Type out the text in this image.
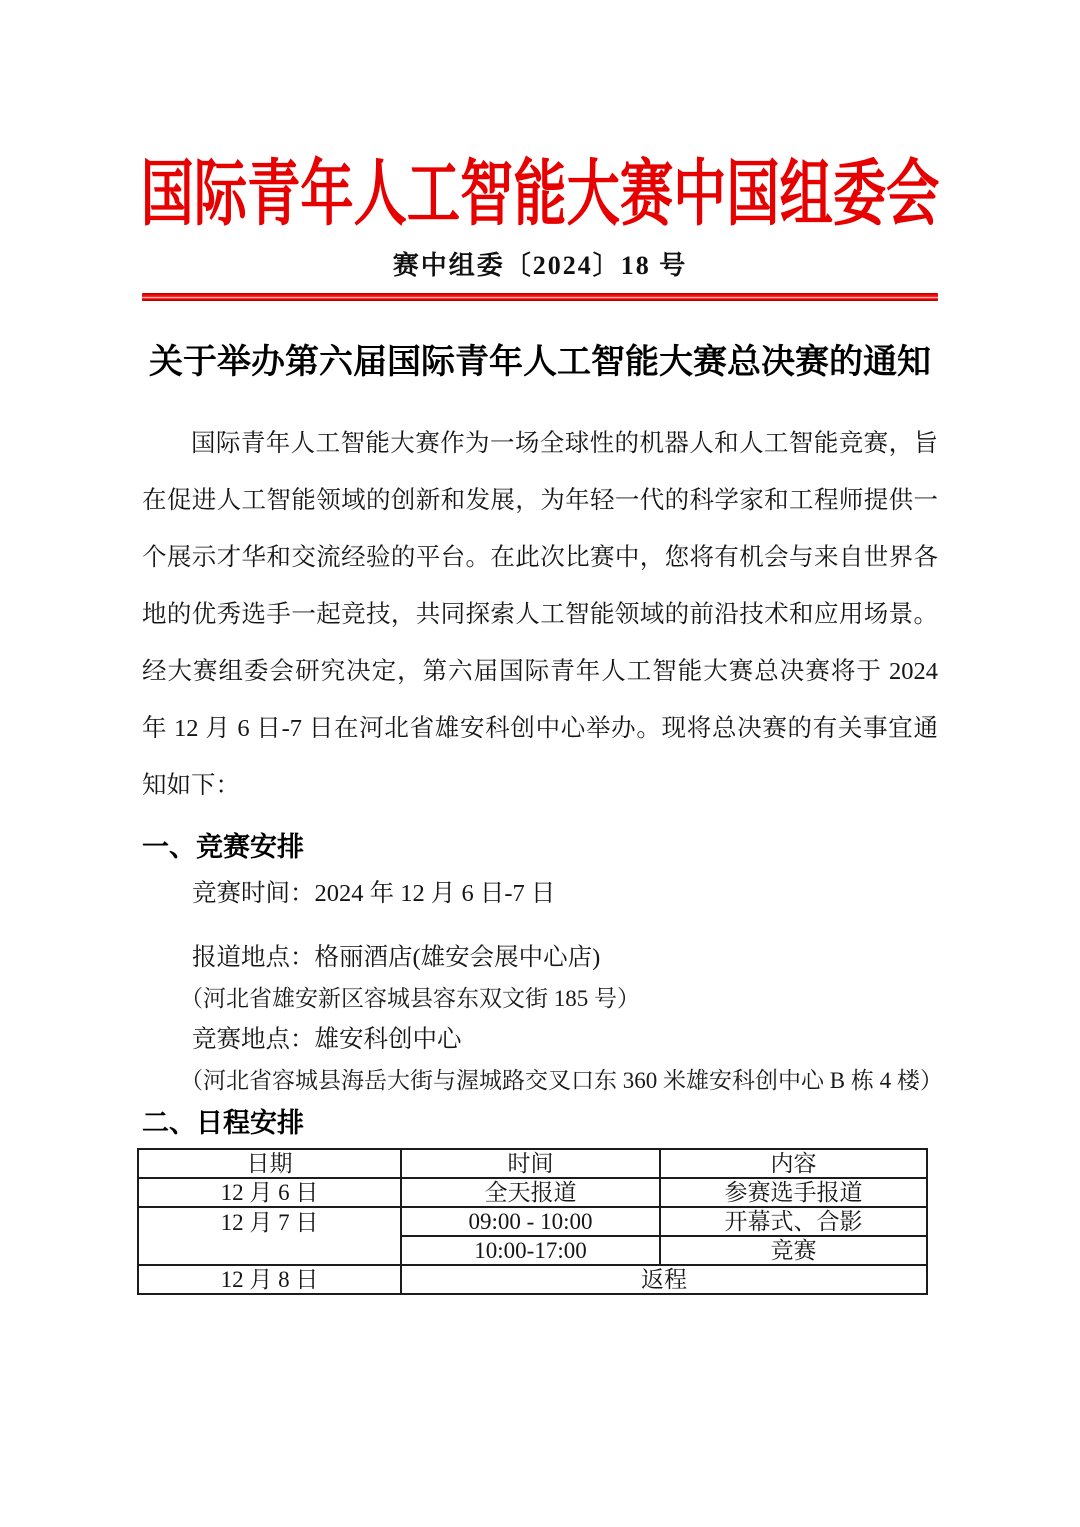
国际青年人工智能大赛中国组委会
赛中组委〔2024〕18 号
关于举办第六届国际青年人工智能大赛总决赛的通知

国际青年人工智能大赛作为一场全球性的机器人和人工智能竞赛，旨在促进人工智能领域的创新和发展，为年轻一代的科学家和工程师提供一个展示才华和交流经验的平台。在此次比赛中，您将有机会与来自世界各地的优秀选手一起竞技，共同探索人工智能领域的前沿技术和应用场景。经大赛组委会研究决定，第六届国际青年人工智能大赛总决赛将于 2024 年 12 月 6 日-7 日在河北省雄安科创中心举办。现将总决赛的有关事宜通知如下：

一、竞赛安排

竞赛时间：2024 年 12 月 6 日-7 日

报道地点：格丽酒店(雄安会展中心店)

（河北省雄安新区容城县容东双文街 185 号）

竞赛地点：雄安科创中心

（河北省容城县海岳大街与渥城路交叉口东 360 米雄安科创中心 B 栋 4 楼）

二、日程安排
日期	时间	内容
12 月 6 日	全天报道	参赛选手报道
12 月 7 日	09:00 - 10:00	开幕式、合影
	10:00-17:00	竞赛
12 月 8 日	返程	
